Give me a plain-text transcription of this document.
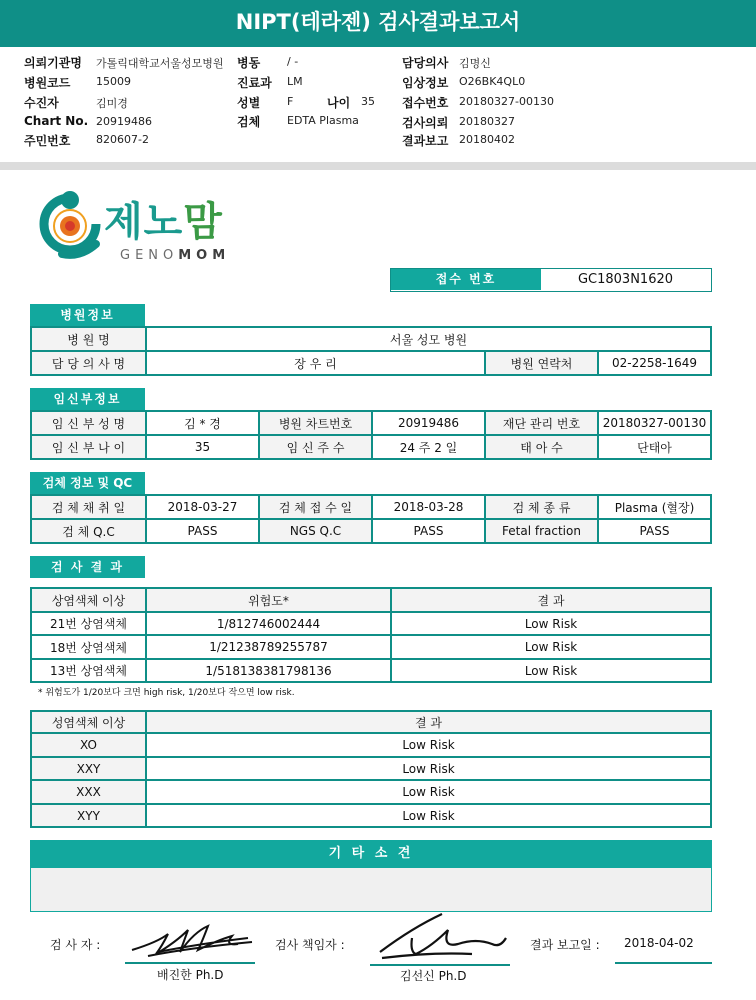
NIPT(테라젠) 검사결과보고서
의뢰기관명 가톨릭대학교서울성모병원 병동 / -	담당의사 김명신
병원코드 15009	진료과 LM	임상정보 O26BK4QL0
수진자	김미경	성별 F	나이 35 접수번호 20180327-00130
Chart No. 20919486	검체 EDTA Plasma	검사의뢰 20180327
주민번호 820607-2	결과보고 20180402
제노맘
GENOMOM
접수 번호	GC1803N1620
병원정보
병 원 명	서울 성모 병원
담 당 의 사 명	장 우 리	병원 연락처	02-2258-1649
임신부정보
임 신 부 성 명	김 * 경	병원 차트번호	20919486	재단 관리 번호	20180327-00130
임 신 부 나 이	35	임 신 주 수	24 주 2 일	태 아 수	단태아
검체 정보 및 QC
검 체 채 취 일	2018-03-27	검 체 접 수 일	2018-03-28	검 체 종 류	Plasma (혈장)
검 체 Q.C	PASS	NGS Q.C	PASS	Fetal fraction	PASS
검 사 결 과
상염색체 이상	위험도*	결 과
21번 상염색체	1/812746002444	Low Risk
18번 상염색체	1/21238789255787	Low Risk
13번 상염색체	1/518138381798136	Low Risk
* 위험도가 1/20보다 크면 high risk, 1/20보다 작으면 low risk.
성염색체 이상	결 과
XO	Low Risk
XXY	Low Risk
XXX	Low Risk
XYY	Low Risk
기 타 소 견
검 사 자 :
배진한 Ph.D
검사 책임자 :
김선신 Ph.D
결과 보고일 : 2018-04-02
